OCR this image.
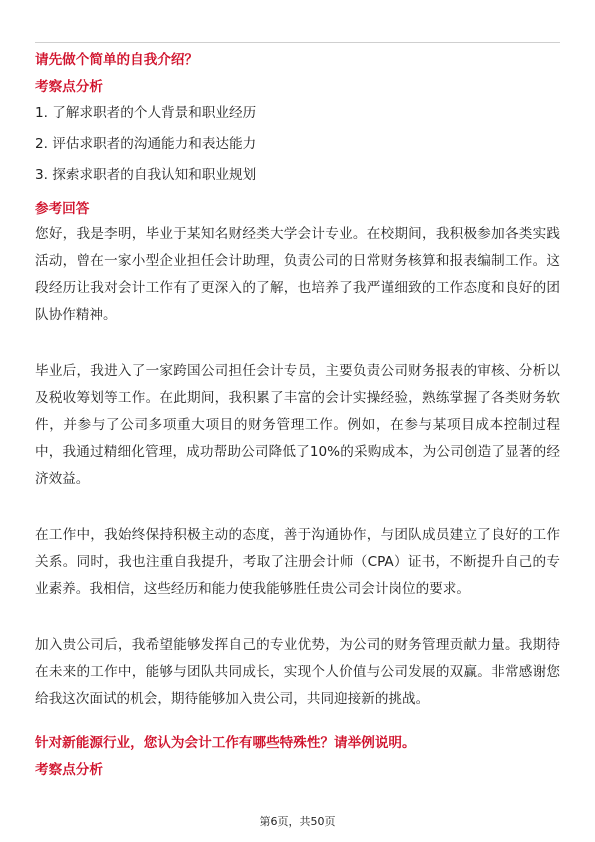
请先做个简单的自我介绍？
考察点分析
1. 了解求职者的个人背景和职业经历
2. 评估求职者的沟通能力和表达能力
3. 探索求职者的自我认知和职业规划
参考回答

您好，我是李明，毕业于某知名财经类大学会计专业。在校期间，我积极参加各类实践活动，曾在一家小型企业担任会计助理，负责公司的日常财务核算和报表编制工作。这段经历让我对会计工作有了更深入的了解，也培养了我严谨细致的工作态度和良好的团队协作精神。

毕业后，我进入了一家跨国公司担任会计专员，主要负责公司财务报表的审核、分析以及税收筹划等工作。在此期间，我积累了丰富的会计实操经验，熟练掌握了各类财务软件，并参与了公司多项重大项目的财务管理工作。例如，在参与某项目成本控制过程中，我通过精细化管理，成功帮助公司降低了10%的采购成本，为公司创造了显著的经济效益。

在工作中，我始终保持积极主动的态度，善于沟通协作，与团队成员建立了良好的工作关系。同时，我也注重自我提升，考取了注册会计师（CPA）证书，不断提升自己的专业素养。我相信，这些经历和能力使我能够胜任贵公司会计岗位的要求。

加入贵公司后，我希望能够发挥自己的专业优势，为公司的财务管理贡献力量。我期待在未来的工作中，能够与团队共同成长，实现个人价值与公司发展的双赢。非常感谢您给我这次面试的机会，期待能够加入贵公司，共同迎接新的挑战。

针对新能源行业，您认为会计工作有哪些特殊性？请举例说明。
考察点分析
第6页，共50页
